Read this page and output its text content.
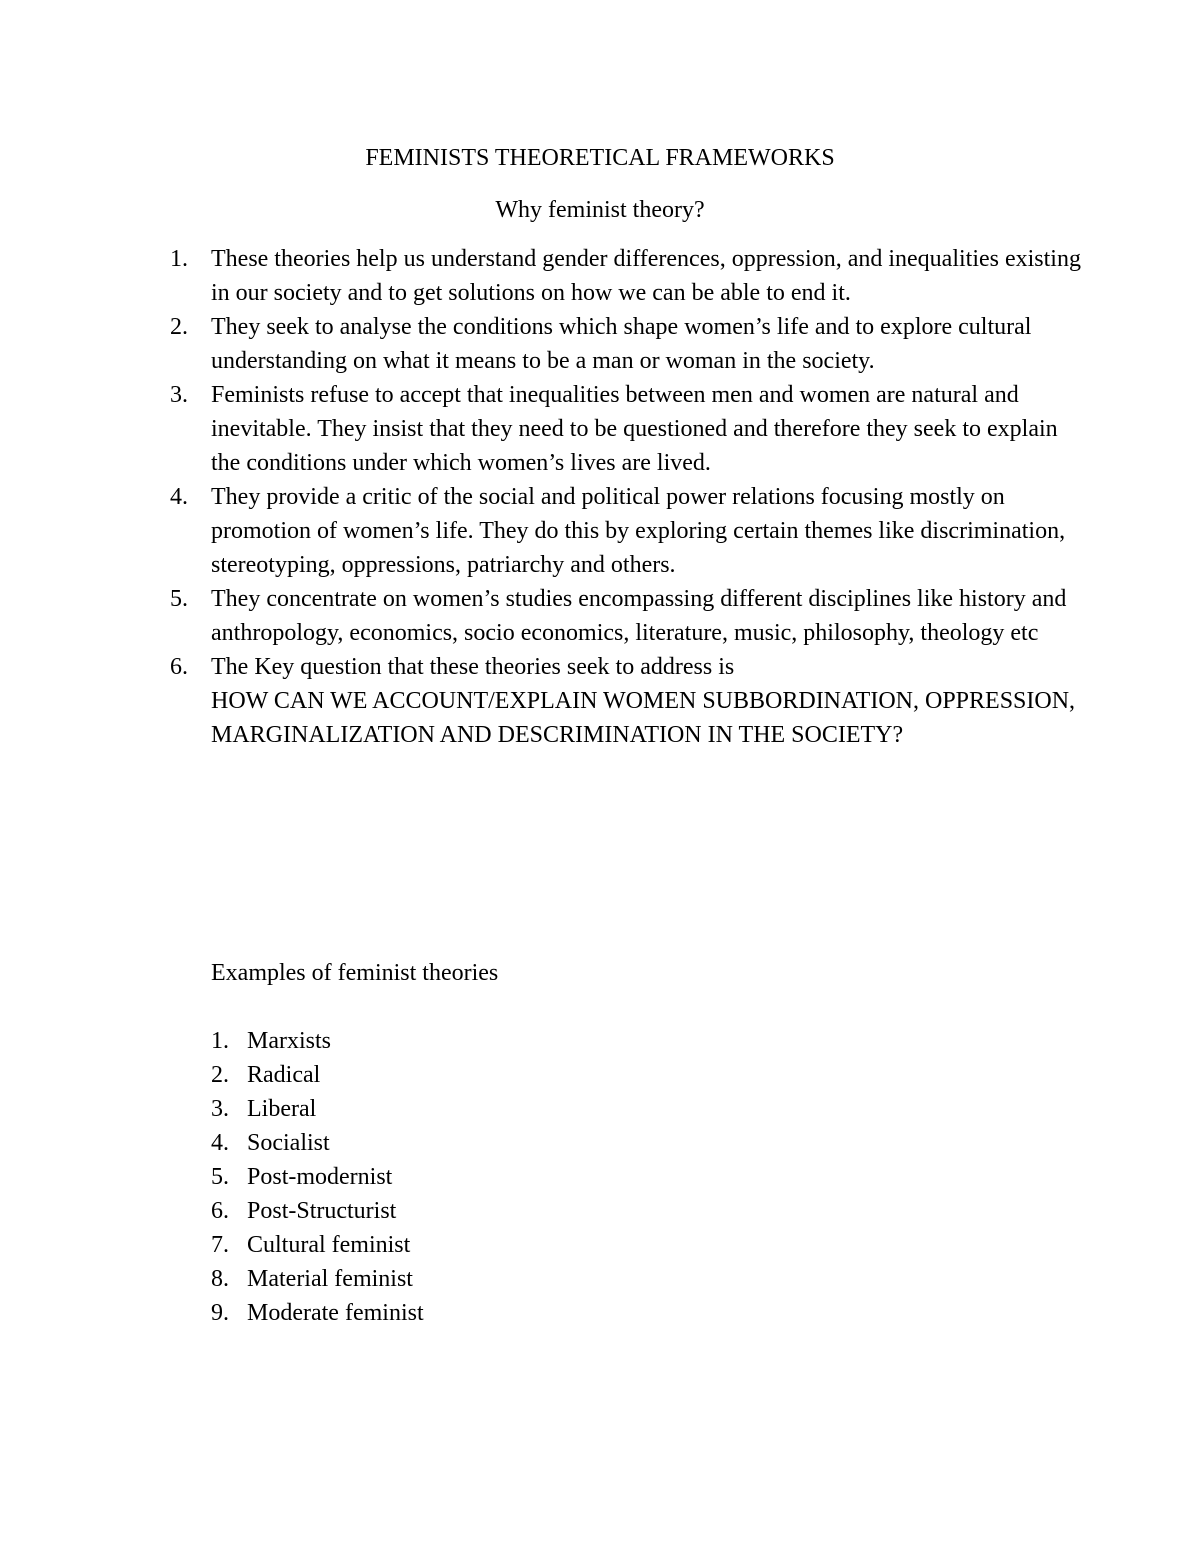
FEMINISTS THEORETICAL FRAMEWORKS
Why feminist theory?
1. These theories help us understand gender differences, oppression, and inequalities existing in our society and to get solutions on how we can be able to end it.
2. They seek to analyse the conditions which shape women’s life and to explore cultural understanding on what it means to be a man or woman in the society.
3. Feminists refuse to accept that inequalities between men and women are natural and inevitable. They insist that they need to be questioned and therefore they seek to explain the conditions under which women’s lives are lived.
4. They provide a critic of the social and political power relations focusing mostly on promotion of women’s life. They do this by exploring certain themes like discrimination, stereotyping, oppressions, patriarchy and others.
5. They concentrate on women’s studies encompassing different disciplines like history and anthropology, economics, socio economics, literature, music, philosophy, theology etc
6. The Key question that these theories seek to address is
HOW CAN WE ACCOUNT/EXPLAIN WOMEN SUBBORDINATION, OPPRESSION, MARGINALIZATION AND DESCRIMINATION IN THE SOCIETY?
Examples of feminist theories
1. Marxists
2. Radical
3. Liberal
4. Socialist
5. Post-modernist
6. Post-Structurist
7. Cultural feminist
8. Material feminist
9. Moderate feminist
